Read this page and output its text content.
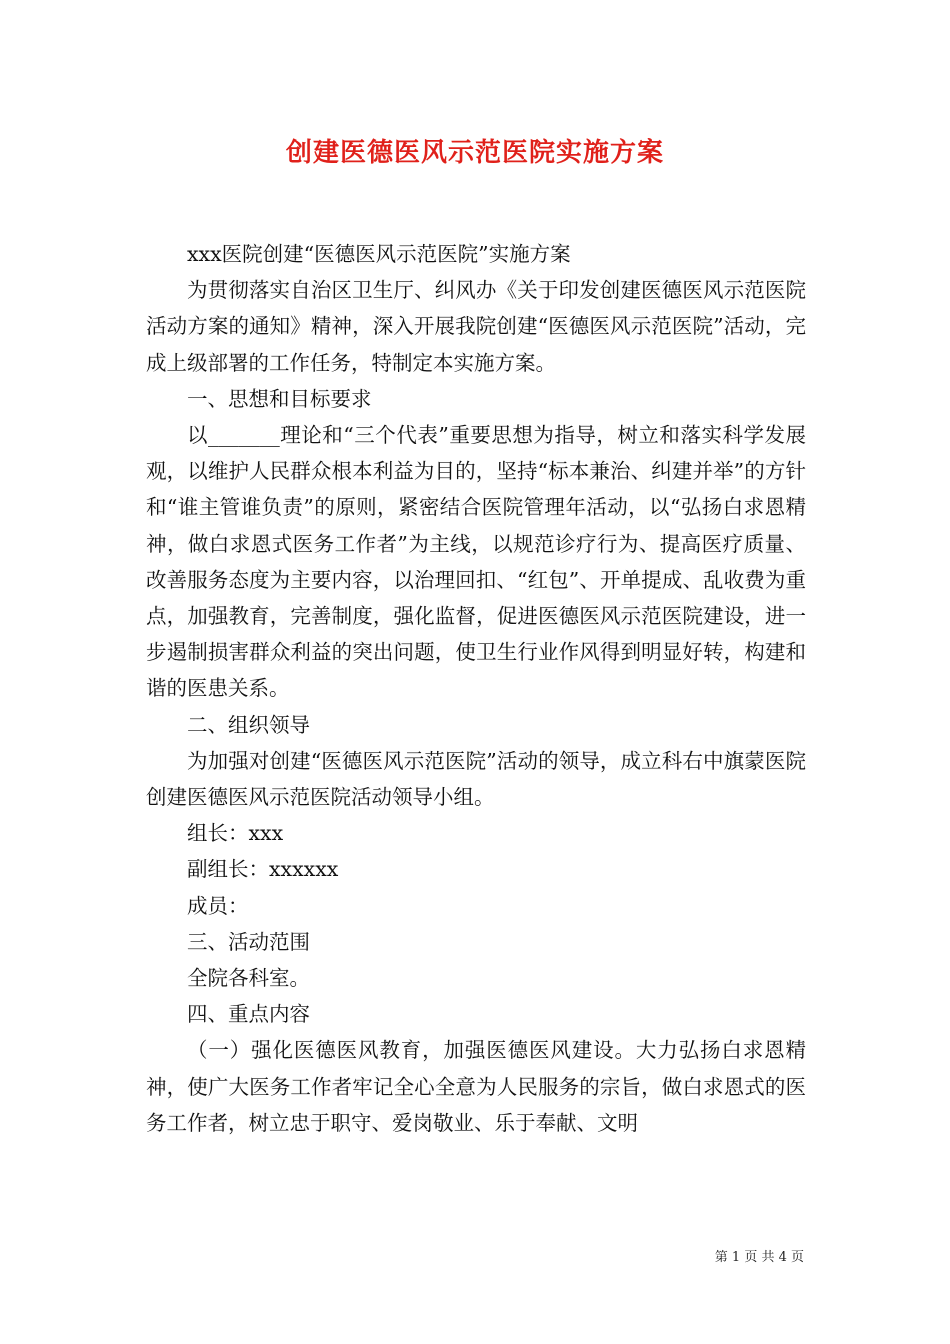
创建医德医风示范医院实施方案

xxx医院创建“医德医风示范医院”实施方案

为贯彻落实自治区卫生厅、纠风办《关于印发创建医德医风示范医院活动方案的通知》精神，深入开展我院创建“医德医风示范医院”活动，完成上级部署的工作任务，特制定本实施方案。

一、思想和目标要求

以_______理论和“三个代表”重要思想为指导，树立和落实科学发展观，以维护人民群众根本利益为目的，坚持“标本兼治、纠建并举”的方针和“谁主管谁负责”的原则，紧密结合医院管理年活动，以“弘扬白求恩精神，做白求恩式医务工作者”为主线，以规范诊疗行为、提高医疗质量、改善服务态度为主要内容，以治理回扣、“红包”、开单提成、乱收费为重点，加强教育，完善制度，强化监督，促进医德医风示范医院建设，进一步遏制损害群众利益的突出问题，使卫生行业作风得到明显好转，构建和谐的医患关系。

二、组织领导

为加强对创建“医德医风示范医院”活动的领导，成立科右中旗蒙医院创建医德医风示范医院活动领导小组。

组长：xxx

副组长：xxxxxx

成员：

三、活动范围

全院各科室。

四、重点内容

（一）强化医德医风教育，加强医德医风建设。大力弘扬白求恩精神，使广大医务工作者牢记全心全意为人民服务的宗旨，做白求恩式的医务工作者，树立忠于职守、爱岗敬业、乐于奉献、文明

第 1 页 共 4 页
